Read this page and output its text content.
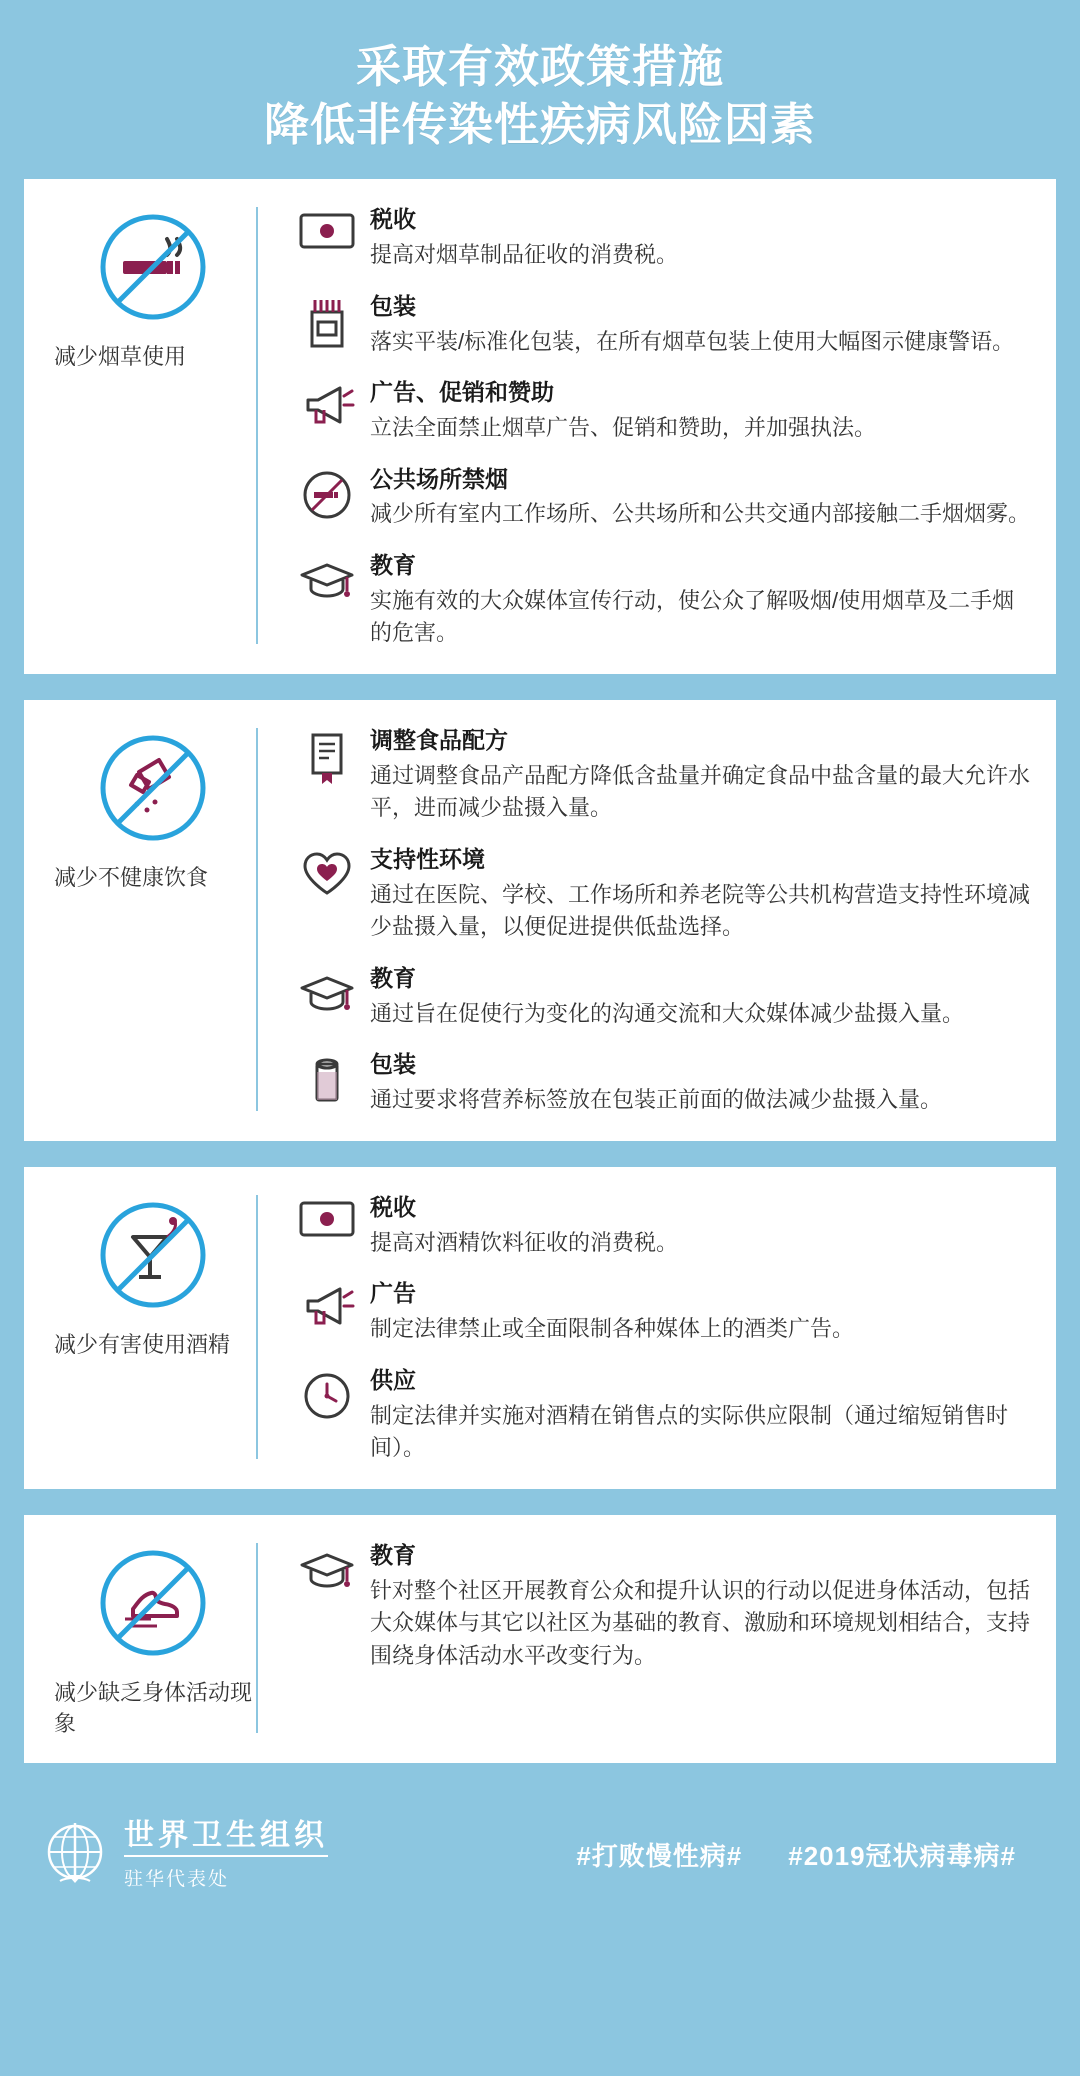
采取有效政策措施
降低非传染性疾病风险因素
减少烟草使用

税收

提高对烟草制品征收的消费税。

包装

落实平装/标准化包装，在所有烟草包装上使用大幅图示健康警语。

广告、促销和赞助

立法全面禁止烟草广告、促销和赞助，并加强执法。

公共场所禁烟

减少所有室内工作场所、公共场所和公共交通内部接触二手烟烟雾。

教育

实施有效的大众媒体宣传行动，使公众了解吸烟/使用烟草及二手烟的危害。

减少不健康饮食

调整食品配方

通过调整食品产品配方降低含盐量并确定食品中盐含量的最大允许水平，进而减少盐摄入量。

支持性环境

通过在医院、学校、工作场所和养老院等公共机构营造支持性环境减少盐摄入量，以便促进提供低盐选择。

教育

通过旨在促使行为变化的沟通交流和大众媒体减少盐摄入量。

包装

通过要求将营养标签放在包装正前面的做法减少盐摄入量。

减少有害使用酒精

税收

提高对酒精饮料征收的消费税。

广告

制定法律禁止或全面限制各种媒体上的酒类广告。

供应

制定法律并实施对酒精在销售点的实际供应限制（通过缩短销售时间）。

减少缺乏身体活动现象

教育

针对整个社区开展教育公众和提升认识的行动以促进身体活动，包括大众媒体与其它以社区为基础的教育、激励和环境规划相结合，支持围绕身体活动水平改变行为。

世界卫生组织
驻华代表处
#打败慢性病# #2019冠状病毒病#
